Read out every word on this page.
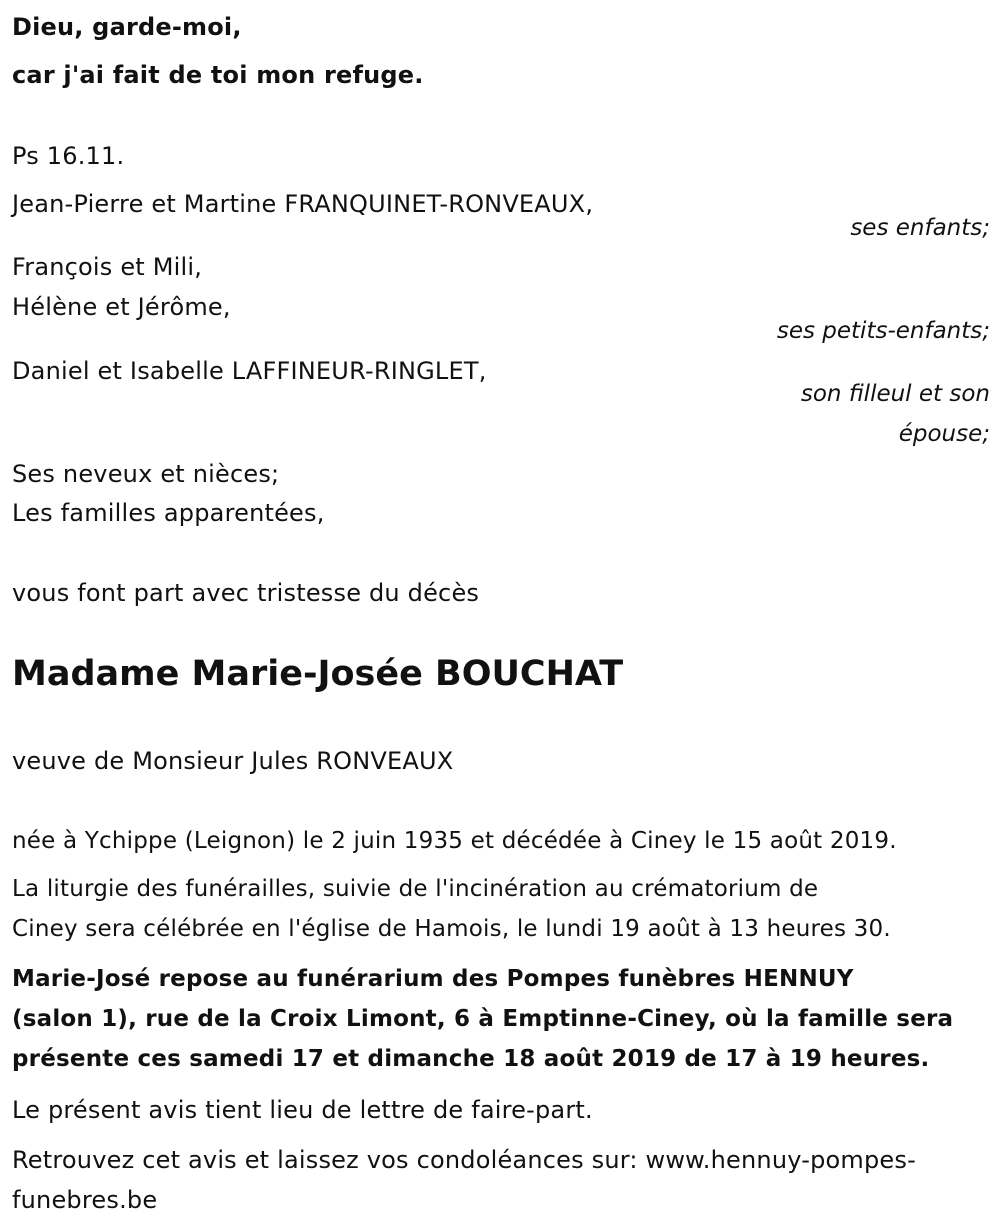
Dieu, garde-moi,
car j'ai fait de toi mon refuge.
Ps 16.11.
Jean-Pierre et Martine FRANQUINET-RONVEAUX,
ses enfants;
François et Mili,
Hélène et Jérôme,
ses petits-enfants;
Daniel et Isabelle LAFFINEUR-RINGLET,
son filleul et son
épouse;
Ses neveux et nièces;
Les familles apparentées,
vous font part avec tristesse du décès
Madame Marie-Josée BOUCHAT
veuve de Monsieur Jules RONVEAUX
née à Ychippe (Leignon) le 2 juin 1935 et décédée à Ciney le 15 août 2019.
La liturgie des funérailles, suivie de l'incinération au crématorium de
Ciney sera célébrée en l'église de Hamois, le lundi 19 août à 13 heures 30.
Marie-José repose au funérarium des Pompes funèbres HENNUY
(salon 1), rue de la Croix Limont, 6 à Emptinne-Ciney, où la famille sera
présente ces samedi 17 et dimanche 18 août 2019 de 17 à 19 heures.
Le présent avis tient lieu de lettre de faire-part.
Retrouvez cet avis et laissez vos condoléances sur: www.hennuy-pompes-
funebres.be
